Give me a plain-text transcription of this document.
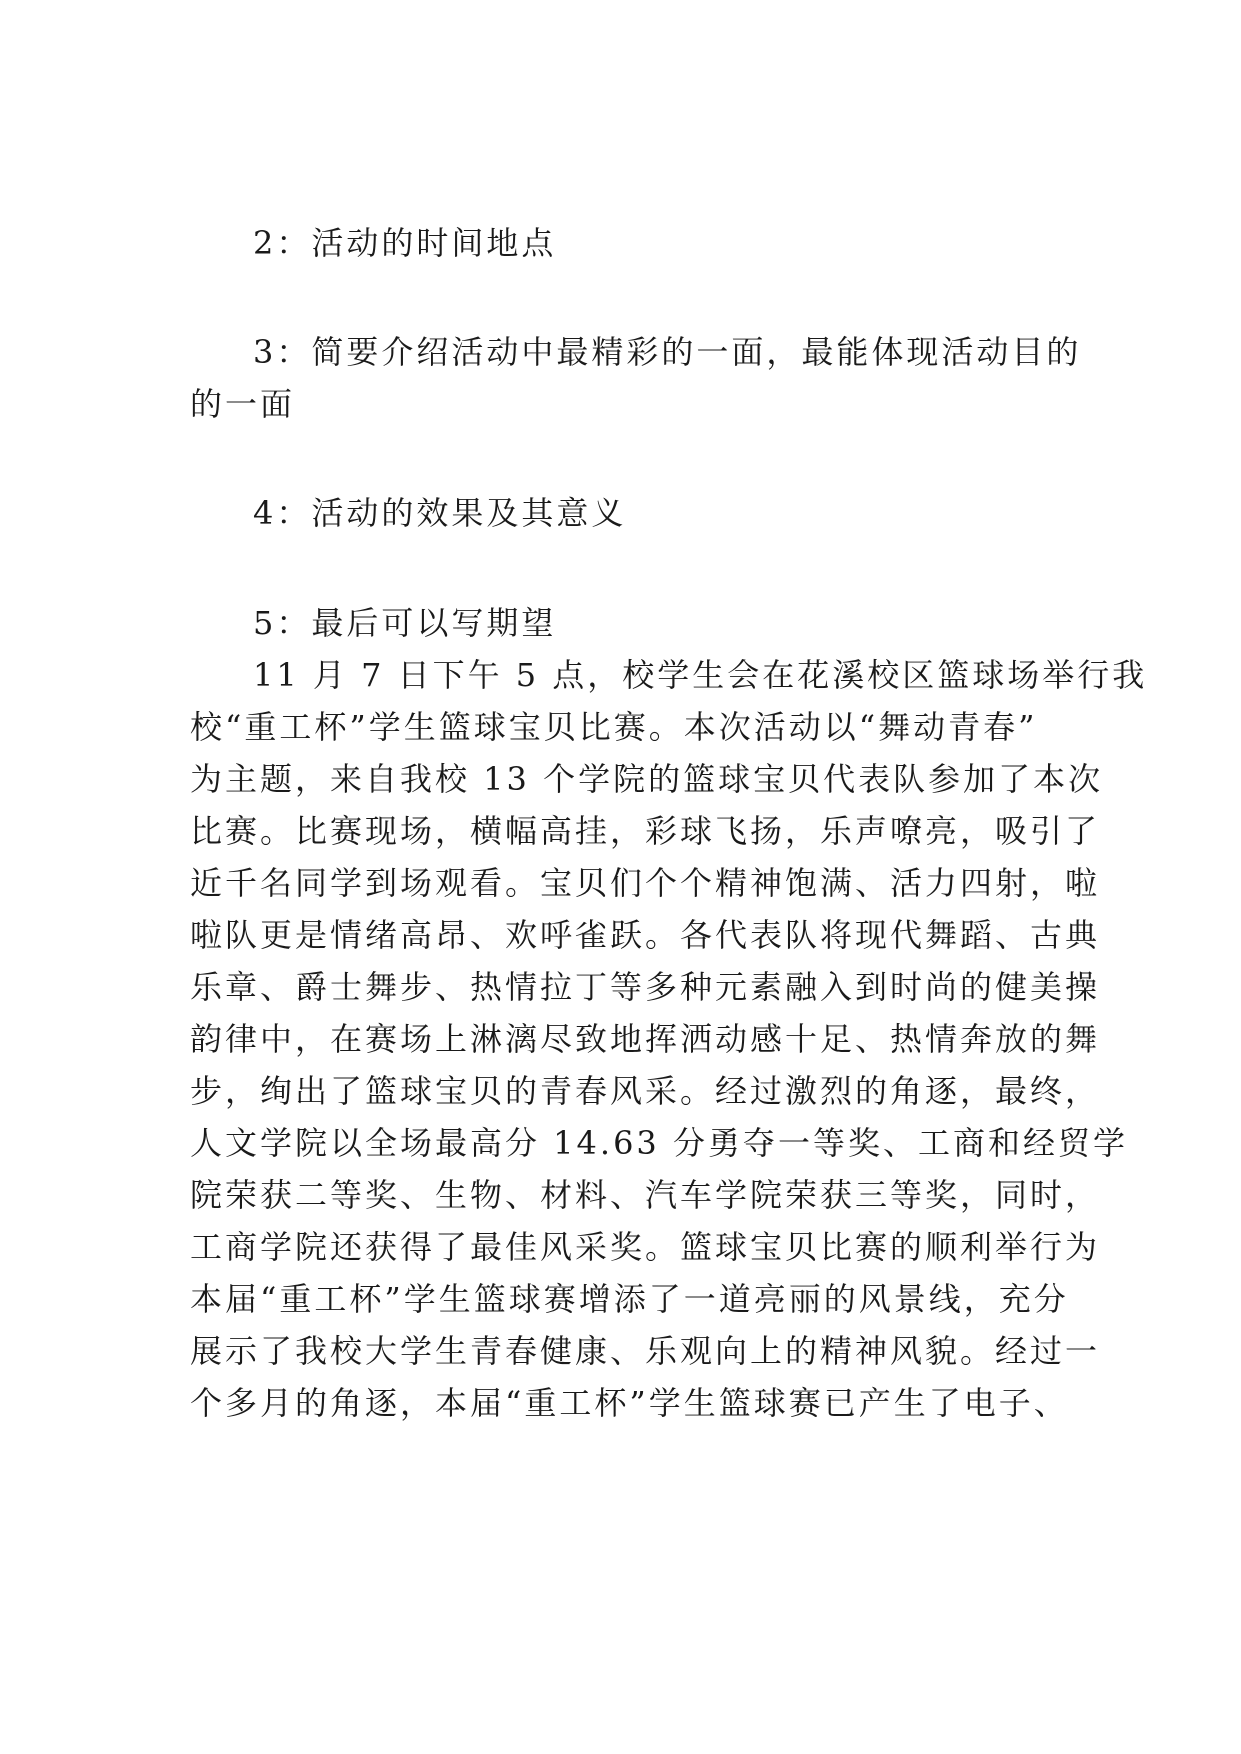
2：活动的时间地点
3：简要介绍活动中最精彩的一面，最能体现活动目的
的一面
4：活动的效果及其意义
5：最后可以写期望
11 月 7 日下午 5 点，校学生会在花溪校区篮球场举行我
校“重工杯”学生篮球宝贝比赛。本次活动以“舞动青春”
为主题，来自我校 13 个学院的篮球宝贝代表队参加了本次
比赛。比赛现场，横幅高挂，彩球飞扬，乐声嘹亮，吸引了
近千名同学到场观看。宝贝们个个精神饱满、活力四射，啦
啦队更是情绪高昂、欢呼雀跃。各代表队将现代舞蹈、古典
乐章、爵士舞步、热情拉丁等多种元素融入到时尚的健美操
韵律中，在赛场上淋漓尽致地挥洒动感十足、热情奔放的舞
步，绚出了篮球宝贝的青春风采。经过激烈的角逐，最终，
人文学院以全场最高分 14.63 分勇夺一等奖、工商和经贸学
院荣获二等奖、生物、材料、汽车学院荣获三等奖，同时，
工商学院还获得了最佳风采奖。篮球宝贝比赛的顺利举行为
本届“重工杯”学生篮球赛增添了一道亮丽的风景线，充分
展示了我校大学生青春健康、乐观向上的精神风貌。经过一
个多月的角逐，本届“重工杯”学生篮球赛已产生了电子、
